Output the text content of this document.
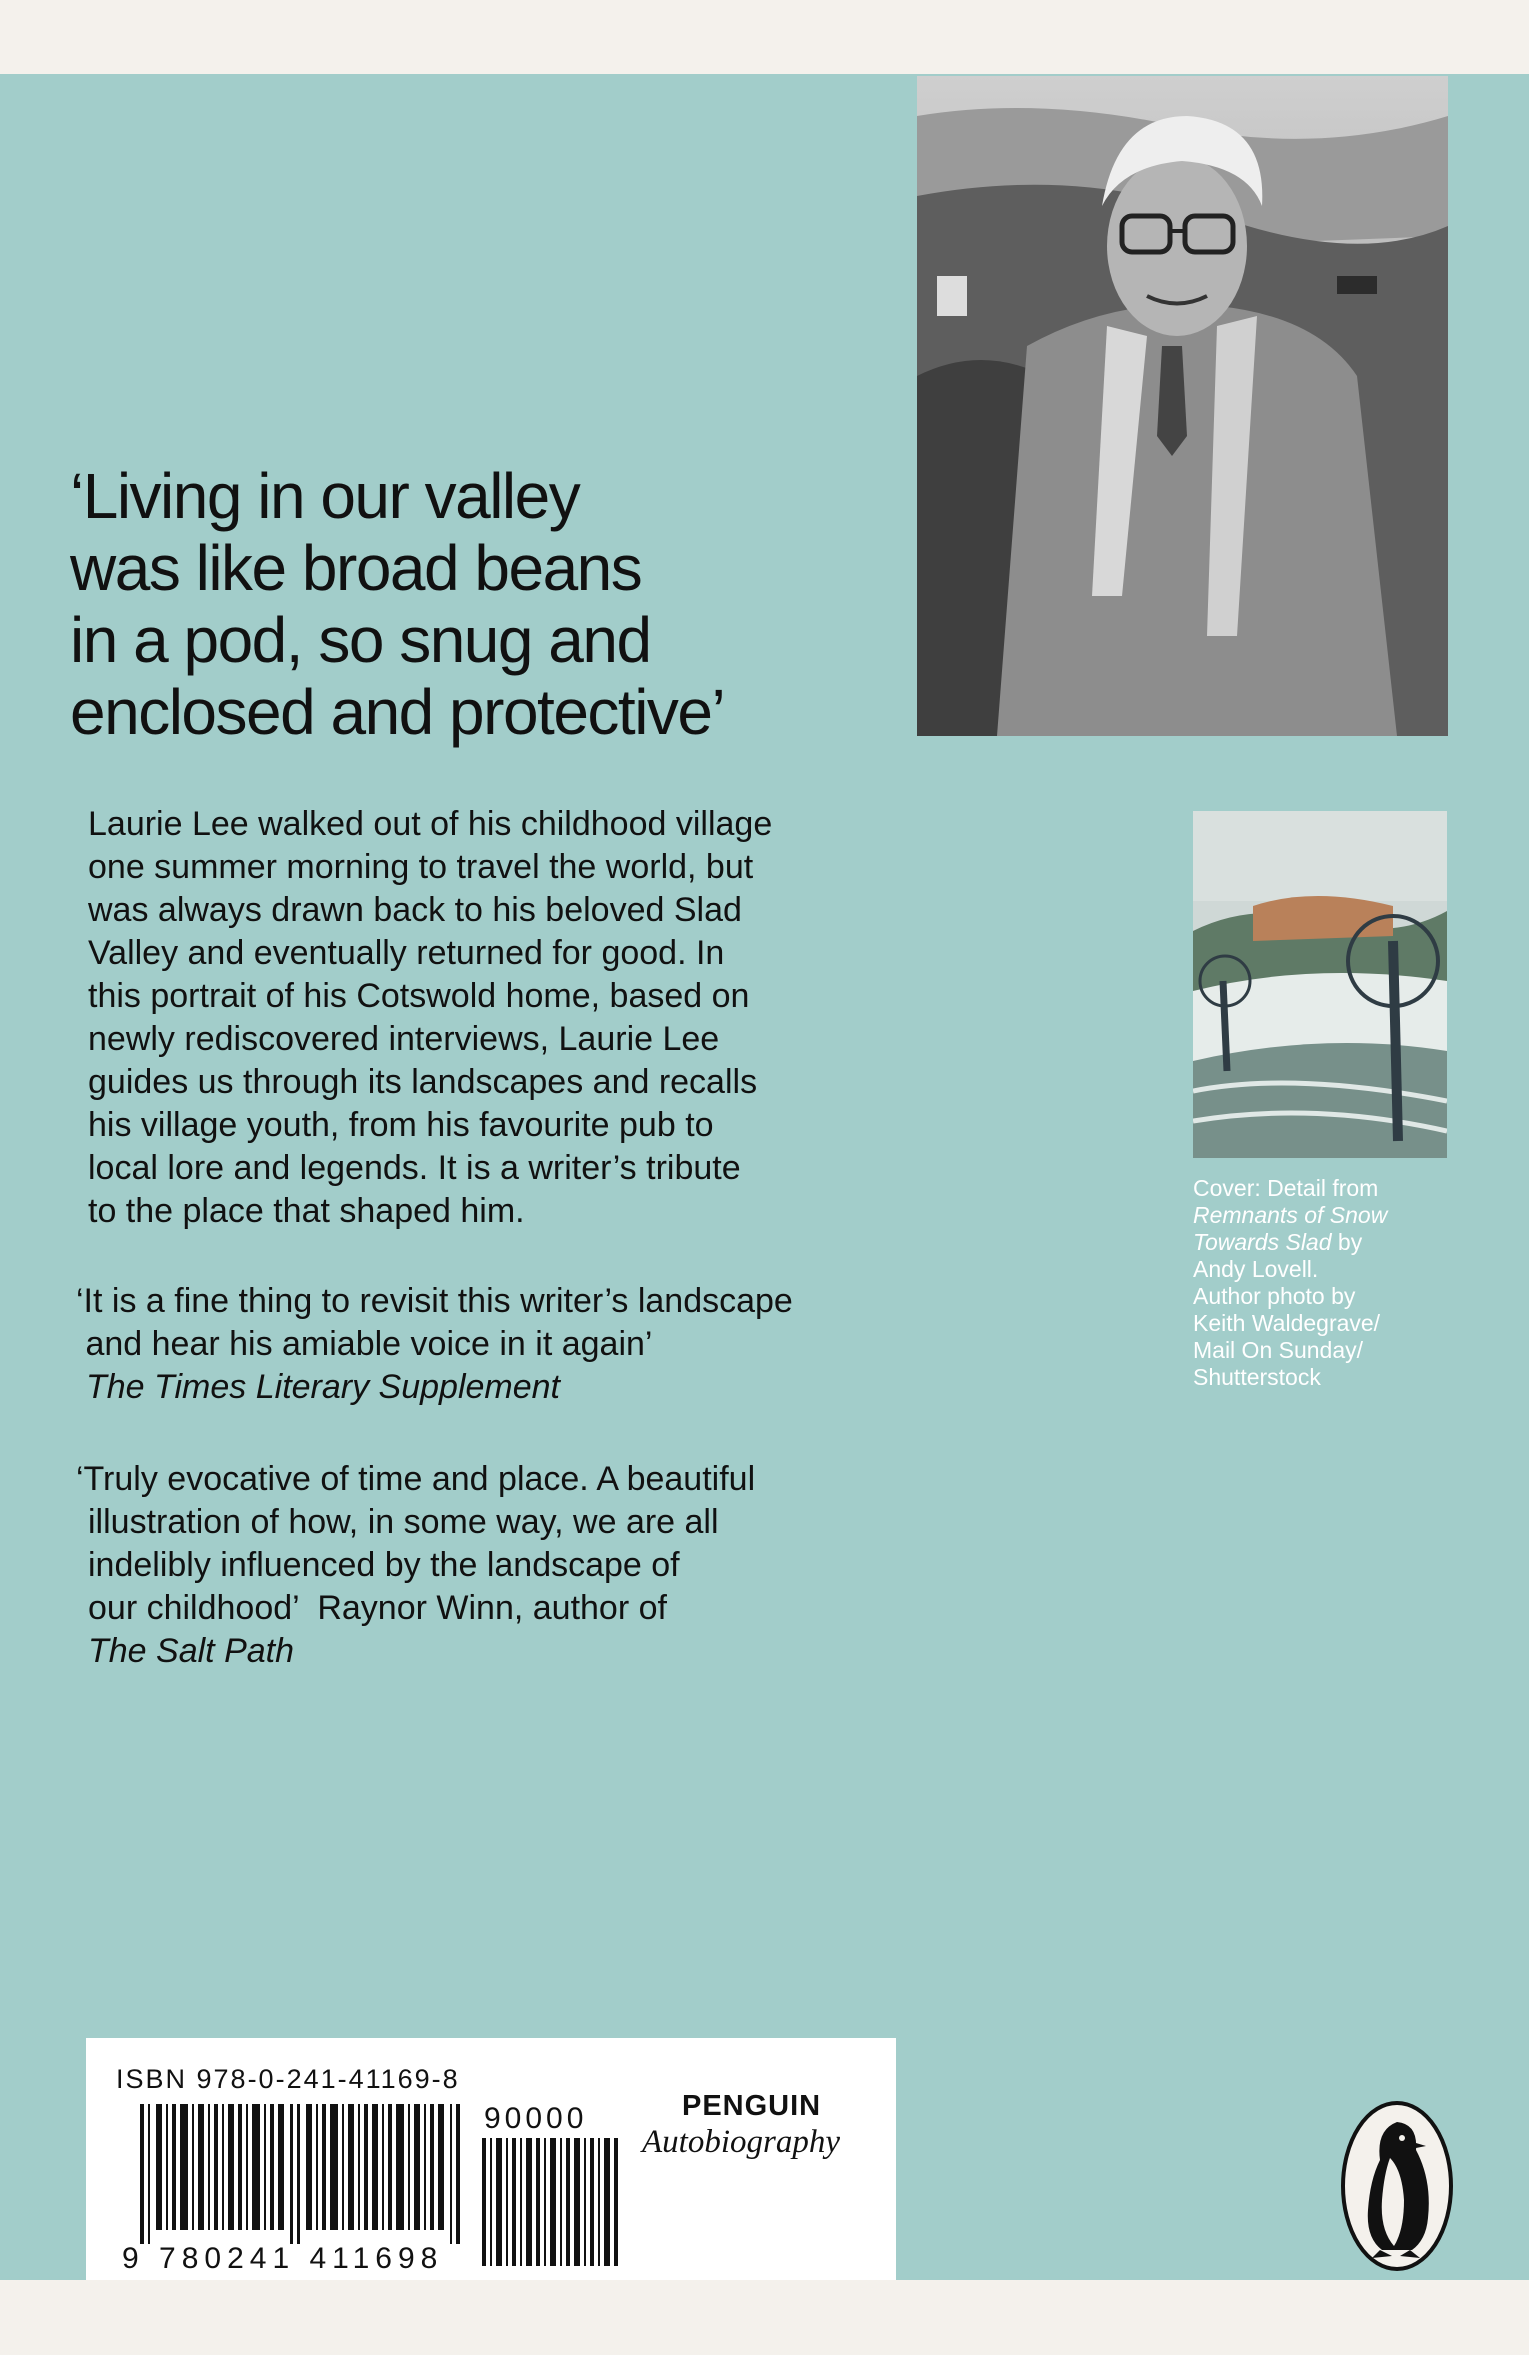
‘Living in our valley
was like broad beans
in a pod, so snug and
enclosed and protective’
Laurie Lee walked out of his childhood village
one summer morning to travel the world, but
was always drawn back to his beloved Slad
Valley and eventually returned for good. In
this portrait of his Cotswold home, based on
newly rediscovered interviews, Laurie Lee
guides us through its landscapes and recalls
his village youth, from his favourite pub to
local lore and legends. It is a writer’s tribute
to the place that shaped him.
‘It is a fine thing to revisit this writer’s landscape
and hear his amiable voice in it again’
The Times Literary Supplement
‘Truly evocative of time and place. A beautiful
illustration of how, in some way, we are all
indelibly influenced by the landscape of
our childhood’  Raynor Winn, author of
The Salt Path
Cover: Detail from
Remnants of Snow
Towards Slad by
Andy Lovell.
Author photo by
Keith Waldegrave/
Mail On Sunday/
Shutterstock
ISBN 978-0-241-41169-8
9 780241 411698
90000	PENGUIN
Autobiography
